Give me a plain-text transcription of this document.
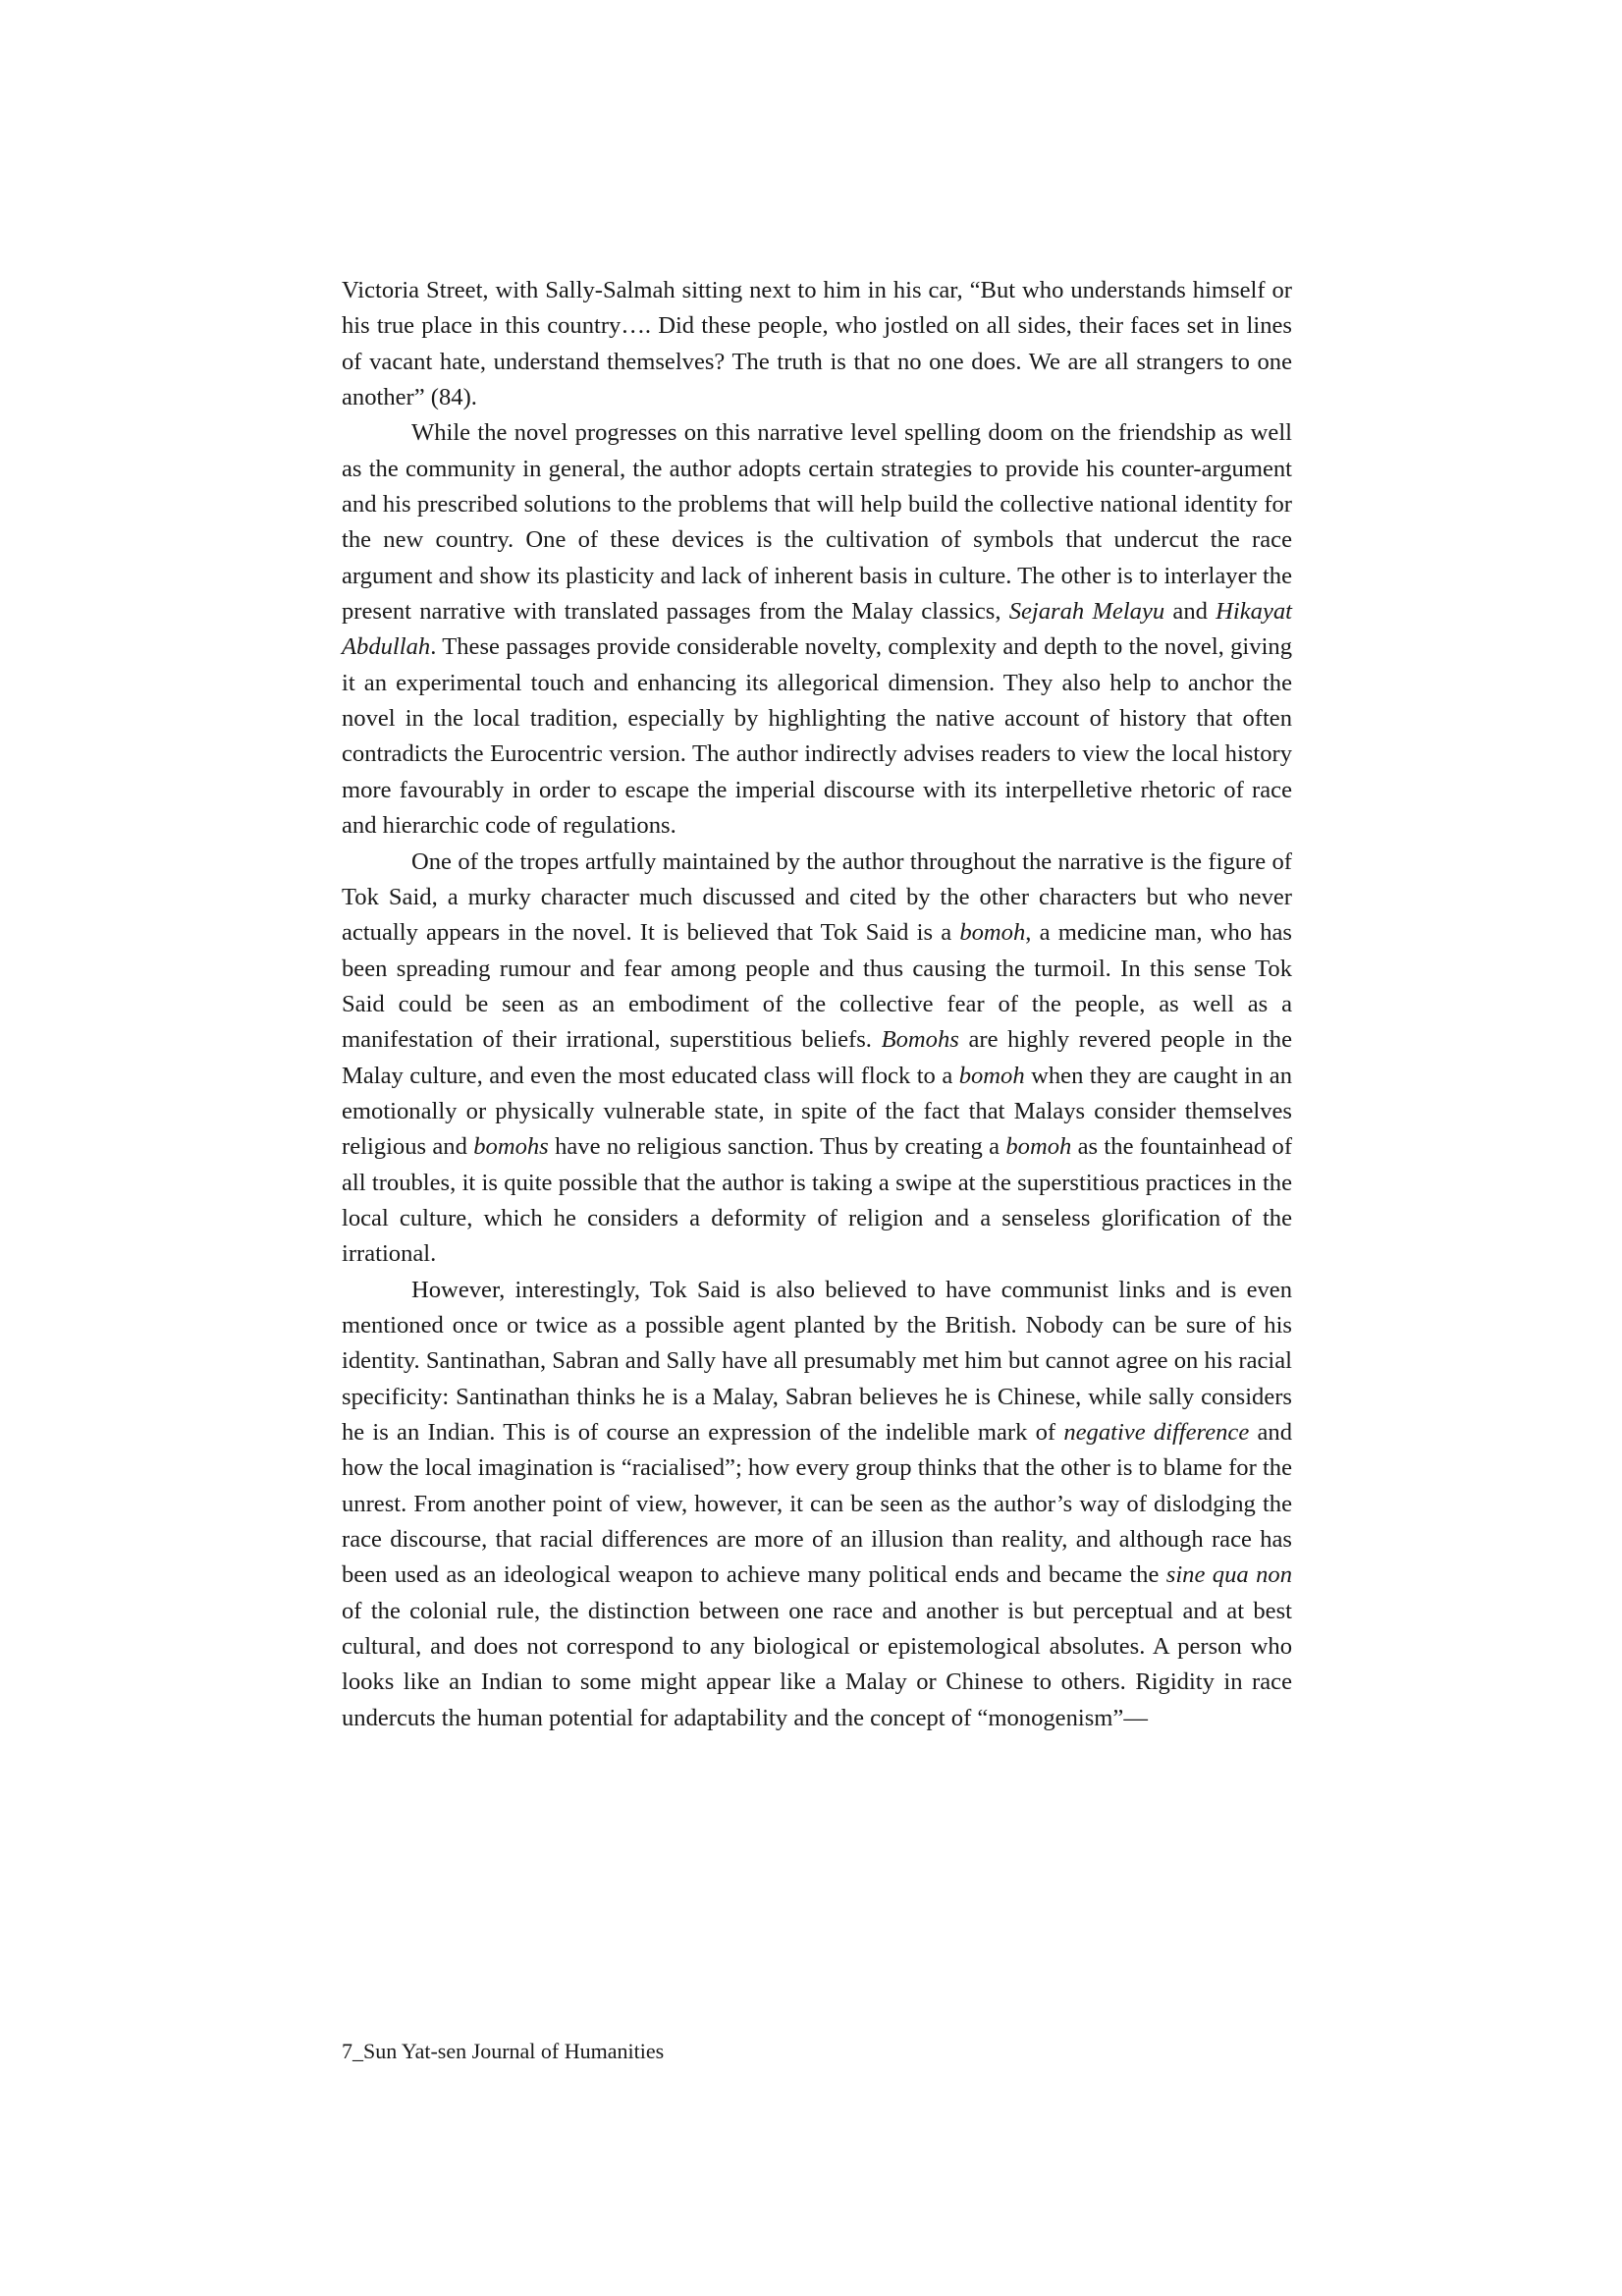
Victoria Street, with Sally-Salmah sitting next to him in his car, “But who understands himself or his true place in this country…. Did these people, who jostled on all sides, their faces set in lines of vacant hate, understand themselves? The truth is that no one does. We are all strangers to one another” (84).

While the novel progresses on this narrative level spelling doom on the friendship as well as the community in general, the author adopts certain strategies to provide his counter-argument and his prescribed solutions to the problems that will help build the collective national identity for the new country. One of these devices is the cultivation of symbols that undercut the race argument and show its plasticity and lack of inherent basis in culture. The other is to interlayer the present narrative with translated passages from the Malay classics, Sejarah Melayu and Hikayat Abdullah. These passages provide considerable novelty, complexity and depth to the novel, giving it an experimental touch and enhancing its allegorical dimension. They also help to anchor the novel in the local tradition, especially by highlighting the native account of history that often contradicts the Eurocentric version. The author indirectly advises readers to view the local history more favourably in order to escape the imperial discourse with its interpelletive rhetoric of race and hierarchic code of regulations.

One of the tropes artfully maintained by the author throughout the narrative is the figure of Tok Said, a murky character much discussed and cited by the other characters but who never actually appears in the novel. It is believed that Tok Said is a bomoh, a medicine man, who has been spreading rumour and fear among people and thus causing the turmoil. In this sense Tok Said could be seen as an embodiment of the collective fear of the people, as well as a manifestation of their irrational, superstitious beliefs. Bomohs are highly revered people in the Malay culture, and even the most educated class will flock to a bomoh when they are caught in an emotionally or physically vulnerable state, in spite of the fact that Malays consider themselves religious and bomohs have no religious sanction. Thus by creating a bomoh as the fountainhead of all troubles, it is quite possible that the author is taking a swipe at the superstitious practices in the local culture, which he considers a deformity of religion and a senseless glorification of the irrational.

However, interestingly, Tok Said is also believed to have communist links and is even mentioned once or twice as a possible agent planted by the British. Nobody can be sure of his identity. Santinathan, Sabran and Sally have all presumably met him but cannot agree on his racial specificity: Santinathan thinks he is a Malay, Sabran believes he is Chinese, while sally considers he is an Indian. This is of course an expression of the indelible mark of negative difference and how the local imagination is “racialised”; how every group thinks that the other is to blame for the unrest. From another point of view, however, it can be seen as the author’s way of dislodging the race discourse, that racial differences are more of an illusion than reality, and although race has been used as an ideological weapon to achieve many political ends and became the sine qua non of the colonial rule, the distinction between one race and another is but perceptual and at best cultural, and does not correspond to any biological or epistemological absolutes. A person who looks like an Indian to some might appear like a Malay or Chinese to others. Rigidity in race undercuts the human potential for adaptability and the concept of “monogenism”—

7_Sun Yat-sen Journal of Humanities
